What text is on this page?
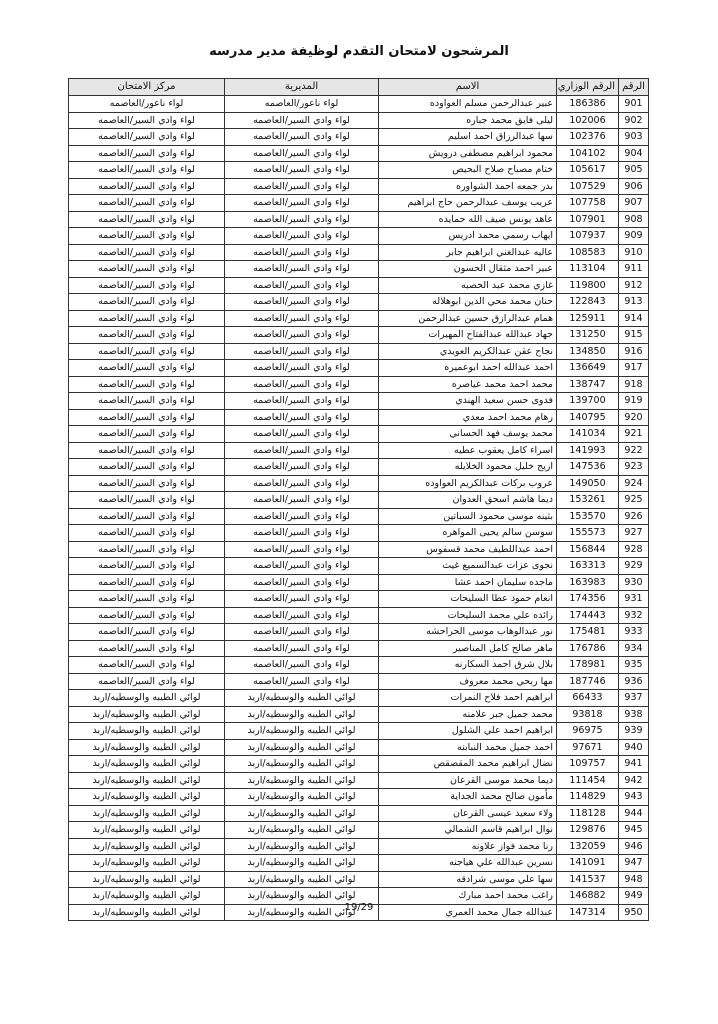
المرشحون لامتحان التقدم لوظيفة مدير مدرسه
الرقم	الرقم الوزاري	الاسم	المديرية	مركز الامتحان
901	186386	عبير عبدالرحمن مسلم العواوده	لواء ناعور/العاصمه	لواء ناعور/العاصمه
902	102006	ليلى فايق محمد جباره	لواء وادي السير/العاصمه	لواء وادي السير/العاصمه
903	102376	سها عبدالرزاق احمد اسليم	لواء وادي السير/العاصمه	لواء وادي السير/العاصمه
904	104102	محمود ابراهيم مصطفى درويش	لواء وادي السير/العاصمه	لواء وادي السير/العاصمه
905	105617	ختام مصباح صلاح البحيص	لواء وادي السير/العاصمه	لواء وادي السير/العاصمه
906	107529	بدر جمعه احمد الشواوره	لواء وادي السير/العاصمه	لواء وادي السير/العاصمه
907	107758	عريب يوسف عبدالرحمن حاج ابراهيم	لواء وادي السير/العاصمه	لواء وادي السير/العاصمه
908	107901	عاهد يونس ضيف الله حمايده	لواء وادي السير/العاصمه	لواء وادي السير/العاصمه
909	107937	ايهاب رسمي محمد ادريس	لواء وادي السير/العاصمه	لواء وادي السير/العاصمه
910	108583	عاليه عبدالغني ابراهيم جابر	لواء وادي السير/العاصمه	لواء وادي السير/العاصمه
911	113104	عبير احمد مثقال الحسون	لواء وادي السير/العاصمه	لواء وادي السير/العاصمه
912	119800	غازي محمد عبد الخصبه	لواء وادي السير/العاصمه	لواء وادي السير/العاصمه
913	122843	حنان محمد محي الدين ابوهلاله	لواء وادي السير/العاصمه	لواء وادي السير/العاصمه
914	125911	همام عبدالرازق حسين عبدالرحمن	لواء وادي السير/العاصمه	لواء وادي السير/العاصمه
915	131250	جهاد عبدالله عبدالفتاح المهيرات	لواء وادي السير/العاصمه	لواء وادي السير/العاصمه
916	134850	نجاح عقن عبدالكريم العويدي	لواء وادي السير/العاصمه	لواء وادي السير/العاصمه
917	136649	احمد عبدالله احمد ابوعميره	لواء وادي السير/العاصمه	لواء وادي السير/العاصمه
918	138747	محمد احمد محمد عياصره	لواء وادي السير/العاصمه	لواء وادي السير/العاصمه
919	139700	فدوى حسن سعيد الهندي	لواء وادي السير/العاصمه	لواء وادي السير/العاصمه
920	140795	رهام محمد احمد معدي	لواء وادي السير/العاصمه	لواء وادي السير/العاصمه
921	141034	محمد يوسف فهد الحساني	لواء وادي السير/العاصمه	لواء وادي السير/العاصمه
922	141993	اسراء كامل يعقوب عطيه	لواء وادي السير/العاصمه	لواء وادي السير/العاصمه
923	147536	اريج خليل محمود الخلايله	لواء وادي السير/العاصمه	لواء وادي السير/العاصمه
924	149050	عروب بركات عبدالكريم العواوده	لواء وادي السير/العاصمه	لواء وادي السير/العاصمه
925	153261	ديما هاشم اسحق العدوان	لواء وادي السير/العاصمه	لواء وادي السير/العاصمه
926	153570	بثينه موسى محمود السباتين	لواء وادي السير/العاصمه	لواء وادي السير/العاصمه
927	155573	سوسن سالم يحيى المواهره	لواء وادي السير/العاصمه	لواء وادي السير/العاصمه
928	156844	احمد عبداللطيف محمد قسفوس	لواء وادي السير/العاصمه	لواء وادي السير/العاصمه
929	163313	نجوى عزات عبدالسميع غيث	لواء وادي السير/العاصمه	لواء وادي السير/العاصمه
930	163983	ماجده سليمان احمد عشا	لواء وادي السير/العاصمه	لواء وادي السير/العاصمه
931	174356	انعام حمود عطا السليحات	لواء وادي السير/العاصمه	لواء وادي السير/العاصمه
932	174443	رائده علي محمد السليحات	لواء وادي السير/العاصمه	لواء وادي السير/العاصمه
933	175481	نور عبدالوهاب موسى الحراحشه	لواء وادي السير/العاصمه	لواء وادي السير/العاصمه
934	176786	ماهر صالح كامل المناصير	لواء وادي السير/العاصمه	لواء وادي السير/العاصمه
935	178981	بلال شرق احمد السكارنه	لواء وادي السير/العاصمه	لواء وادي السير/العاصمه
936	187746	مها ربحي محمد معروف	لواء وادي السير/العاصمه	لواء وادي السير/العاصمه
937	66433	ابراهيم احمد فلاح النمرات	لوائي الطيبه والوسطيه/اربد	لوائي الطيبه والوسطيه/اربد
938	93818	محمد جميل جبر علامنه	لوائي الطيبه والوسطيه/اربد	لوائي الطيبه والوسطيه/اربد
939	96975	ابراهيم احمد علي الشلول	لوائي الطيبه والوسطيه/اربد	لوائي الطيبه والوسطيه/اربد
940	97671	احمد جميل محمد النبابنه	لوائي الطيبه والوسطيه/اربد	لوائي الطيبه والوسطيه/اربد
941	109757	نضال ابراهيم محمد المقصقص	لوائي الطيبه والوسطيه/اربد	لوائي الطيبه والوسطيه/اربد
942	111454	ديما محمد موسى القرعان	لوائي الطيبه والوسطيه/اربد	لوائي الطيبه والوسطيه/اربد
943	114829	مأمون صالح محمد الجداية	لوائي الطيبه والوسطيه/اربد	لوائي الطيبه والوسطيه/اربد
944	118128	ولاء سعيد عيسى القرعان	لوائي الطيبه والوسطيه/اربد	لوائي الطيبه والوسطيه/اربد
945	129876	نوال ابراهيم قاسم الشمالي	لوائي الطيبه والوسطيه/اربد	لوائي الطيبه والوسطيه/اربد
946	132059	رنا محمد فواز علاونه	لوائي الطيبه والوسطيه/اربد	لوائي الطيبه والوسطيه/اربد
947	141091	نسرين عبدالله علي هياجنه	لوائي الطيبه والوسطيه/اربد	لوائي الطيبه والوسطيه/اربد
948	141537	سها علي موسى شرادقه	لوائي الطيبه والوسطيه/اربد	لوائي الطيبه والوسطيه/اربد
949	146882	راغب محمد احمد مبارك	لوائي الطيبه والوسطيه/اربد	لوائي الطيبه والوسطيه/اربد
950	147314	عبدالله جمال محمد العمري	لوائي الطيبه والوسطيه/اربد	لوائي الطيبه والوسطيه/اربد	19/29
